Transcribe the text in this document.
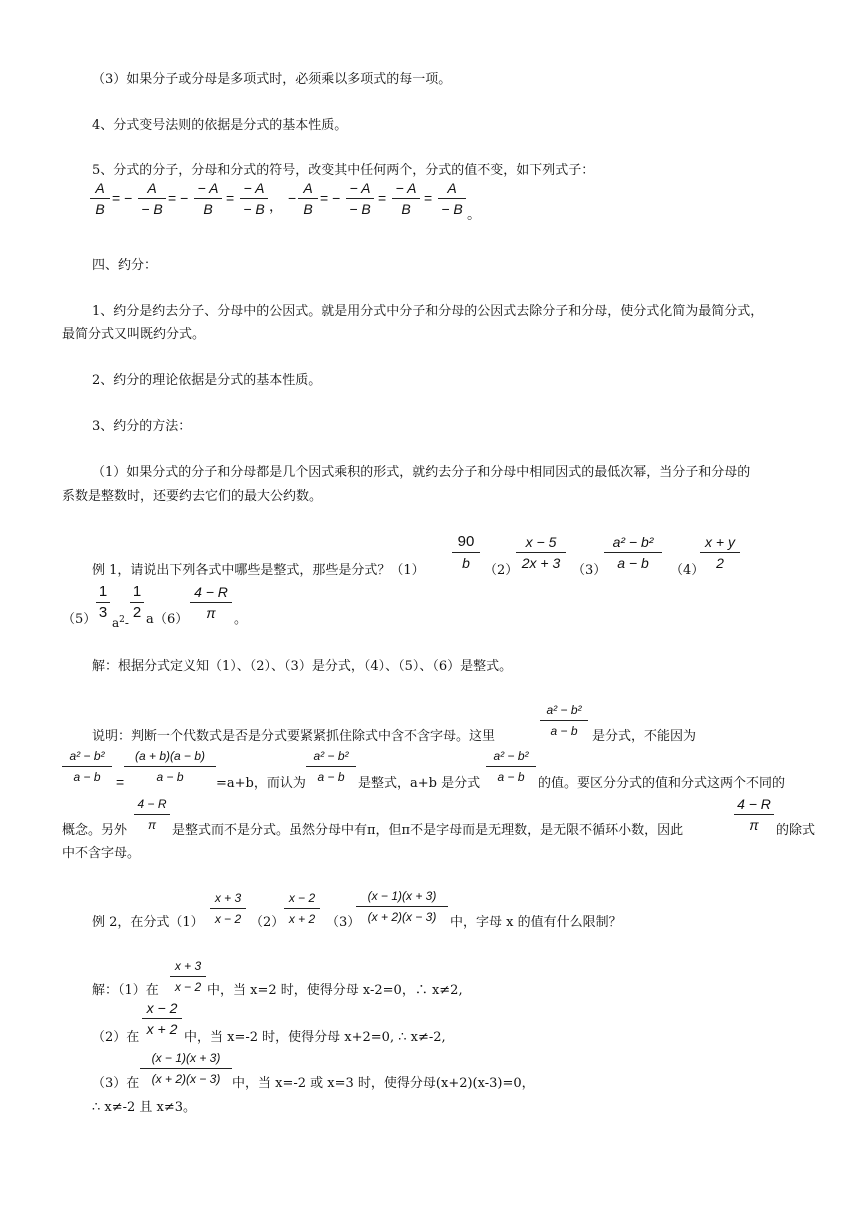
（3）如果分子或分母是多项式时，必须乘以多项式的每一项。
4、分式变号法则的依据是分式的基本性质。
5、分式的分子，分母和分式的符号，改变其中任何两个，分式的值不变，如下列式子：
A
B
= −
A
− B
= −
− A
B
=
− A
− B ， −
A
B
= −
− A
− B
=
− A
B
=
A
− B 。
四、约分：
1、约分是约去分子、分母中的公因式。就是用分式中分子和分母的公因式去除分子和分母，使分式化简为最简分式，
最简分式又叫既约分式。
2、约分的理论依据是分式的基本性质。
3、约分的方法：
（1）如果分式的分子和分母都是几个因式乘积的形式，就约去分子和分母中相同因式的最低次幂，当分子和分母的
系数是整数时，还要约去它们的最大公约数。
例 1，请说出下列各式中哪些是整式，那些是分式？（1）
90
b	（2）
x − 5
2x + 3 （3）
a² − b²
a − b	（4）
x + y
2
（5）
1
3
$a^2-$
1
2 a （6）
4 − R
π	。
解：根据分式定义知（1）、（2）、（3）是分式，（4）、（5）、（6）是整式。
说明：判断一个代数式是否是分式要紧紧抓住除式中含不含字母。这里
a² − b²
a − b	是分式，不能因为
a² − b²
a − b	=
(a + b)(a − b)
a − b	=a+b，而认为
a² − b²
a − b	是整式，a+b 是分式
a² − b²
a − b	的值。要区分分式的值和分式这两个不同的
概念。另外
4 − R
π	是整式而不是分式。虽然分母中有π，但π不是字母而是无理数，是无限不循环小数，因此
4 − R
π	的除式
中不含字母。
例 2，在分式（1）
x + 3
x − 2 （2）
x − 2
x + 2 （3）
(x − 1)(x + 3)
(x + 2)(x − 3)	中，字母 x 的值有什么限制？
解：（1）在
x + 3
x − 2 中，当 x=2 时，使得分母 x-2=0，∴ x≠2,
（2）在
x − 2
x + 2
中，当 x=-2 时，使得分母 x+2=0, ∴ x≠-2,
（3）在
(x − 1)(x + 3)
(x + 2)(x − 3) 中，当 x=-2 或 x=3 时，使得分母(x+2)(x-3)=0，
∴ x≠-2 且 x≠3。
